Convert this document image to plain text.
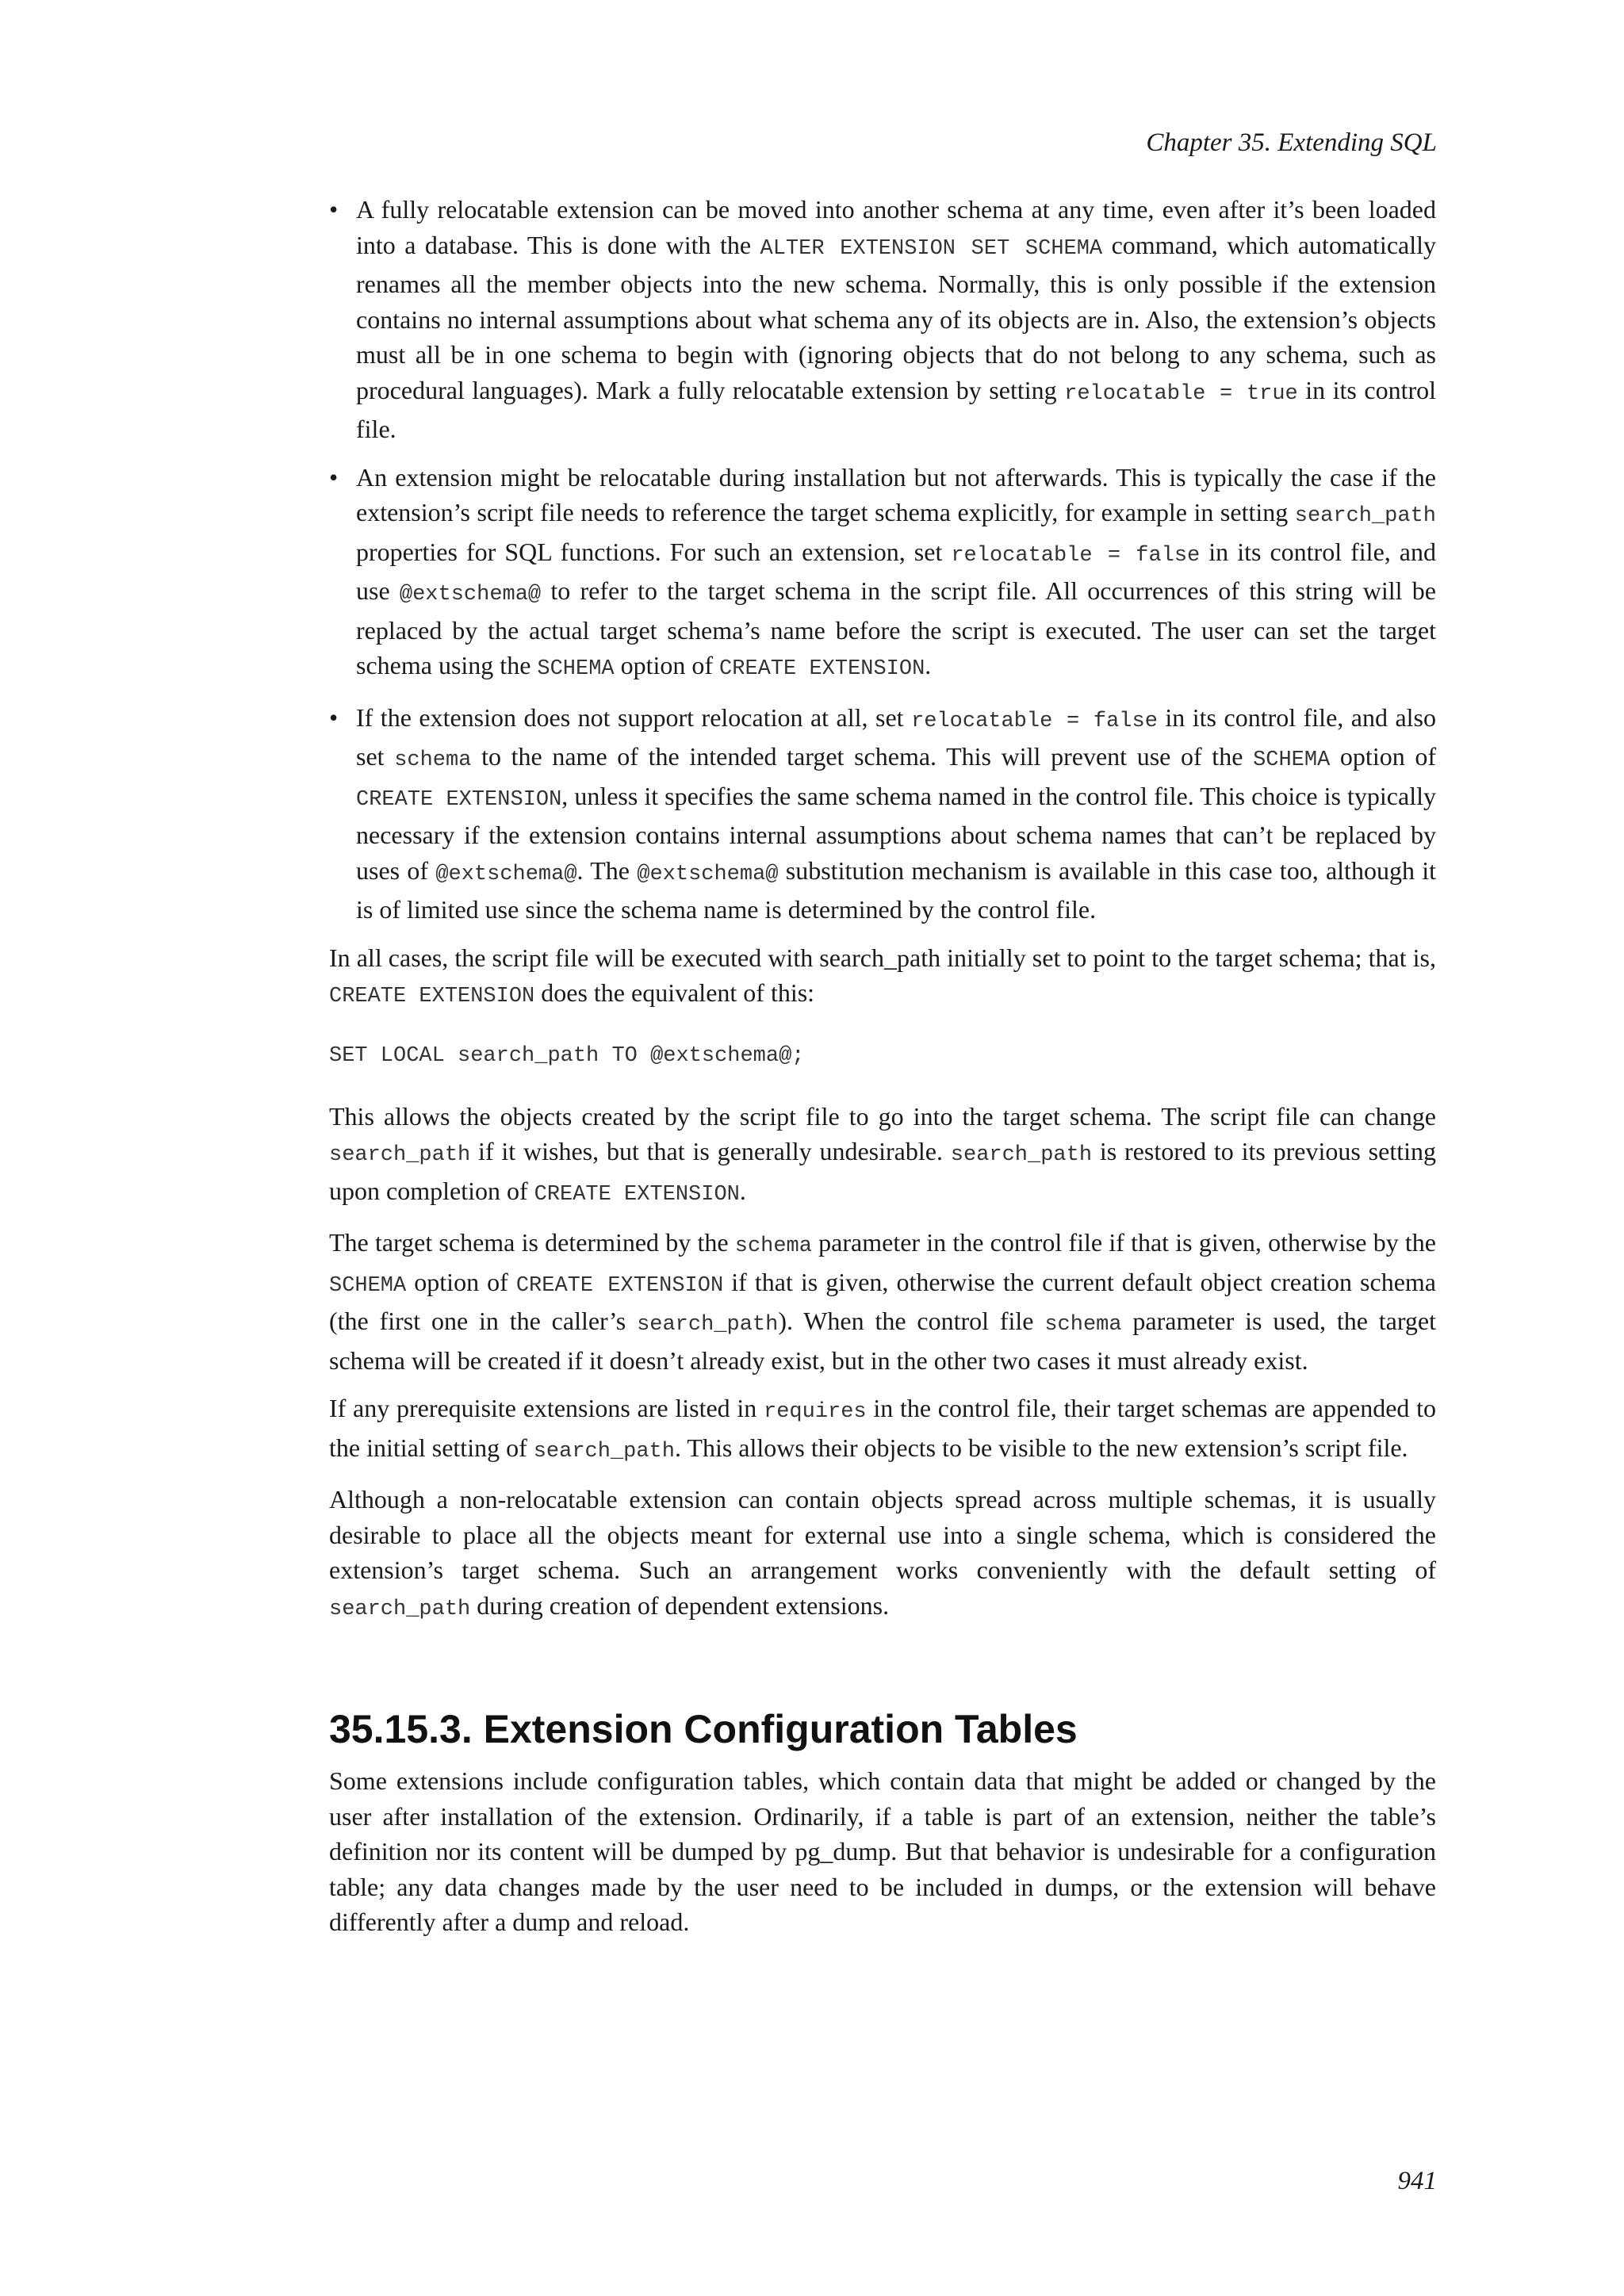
Chapter 35. Extending SQL
• A fully relocatable extension can be moved into another schema at any time, even after it’s been loaded into a database. This is done with the ALTER EXTENSION SET SCHEMA command, which automatically renames all the member objects into the new schema. Normally, this is only possible if the extension contains no internal assumptions about what schema any of its objects are in. Also, the extension’s objects must all be in one schema to begin with (ignoring objects that do not belong to any schema, such as procedural languages). Mark a fully relocatable extension by setting relocatable = true in its control file.
• An extension might be relocatable during installation but not afterwards. This is typically the case if the extension’s script file needs to reference the target schema explicitly, for example in setting search_path properties for SQL functions. For such an extension, set relocatable = false in its control file, and use @extschema@ to refer to the target schema in the script file. All occurrences of this string will be replaced by the actual target schema’s name before the script is executed. The user can set the target schema using the SCHEMA option of CREATE EXTENSION.
• If the extension does not support relocation at all, set relocatable = false in its control file, and also set schema to the name of the intended target schema. This will prevent use of the SCHEMA option of CREATE EXTENSION, unless it specifies the same schema named in the control file. This choice is typically necessary if the extension contains internal assumptions about schema names that can’t be replaced by uses of @extschema@. The @extschema@ substitution mechanism is available in this case too, although it is of limited use since the schema name is determined by the control file.

In all cases, the script file will be executed with search_path initially set to point to the target schema; that is, CREATE EXTENSION does the equivalent of this:

SET LOCAL search_path TO @extschema@;

This allows the objects created by the script file to go into the target schema. The script file can change search_path if it wishes, but that is generally undesirable. search_path is restored to its previous setting upon completion of CREATE EXTENSION.

The target schema is determined by the schema parameter in the control file if that is given, otherwise by the SCHEMA option of CREATE EXTENSION if that is given, otherwise the current default object creation schema (the first one in the caller’s search_path). When the control file schema parameter is used, the target schema will be created if it doesn’t already exist, but in the other two cases it must already exist.

If any prerequisite extensions are listed in requires in the control file, their target schemas are appended to the initial setting of search_path. This allows their objects to be visible to the new extension’s script file.

Although a non-relocatable extension can contain objects spread across multiple schemas, it is usually desirable to place all the objects meant for external use into a single schema, which is considered the extension’s target schema. Such an arrangement works conveniently with the default setting of search_path during creation of dependent extensions.

35.15.3. Extension Configuration Tables

Some extensions include configuration tables, which contain data that might be added or changed by the user after installation of the extension. Ordinarily, if a table is part of an extension, neither the table’s definition nor its content will be dumped by pg_dump. But that behavior is undesirable for a configuration table; any data changes made by the user need to be included in dumps, or the extension will behave differently after a dump and reload.

941
